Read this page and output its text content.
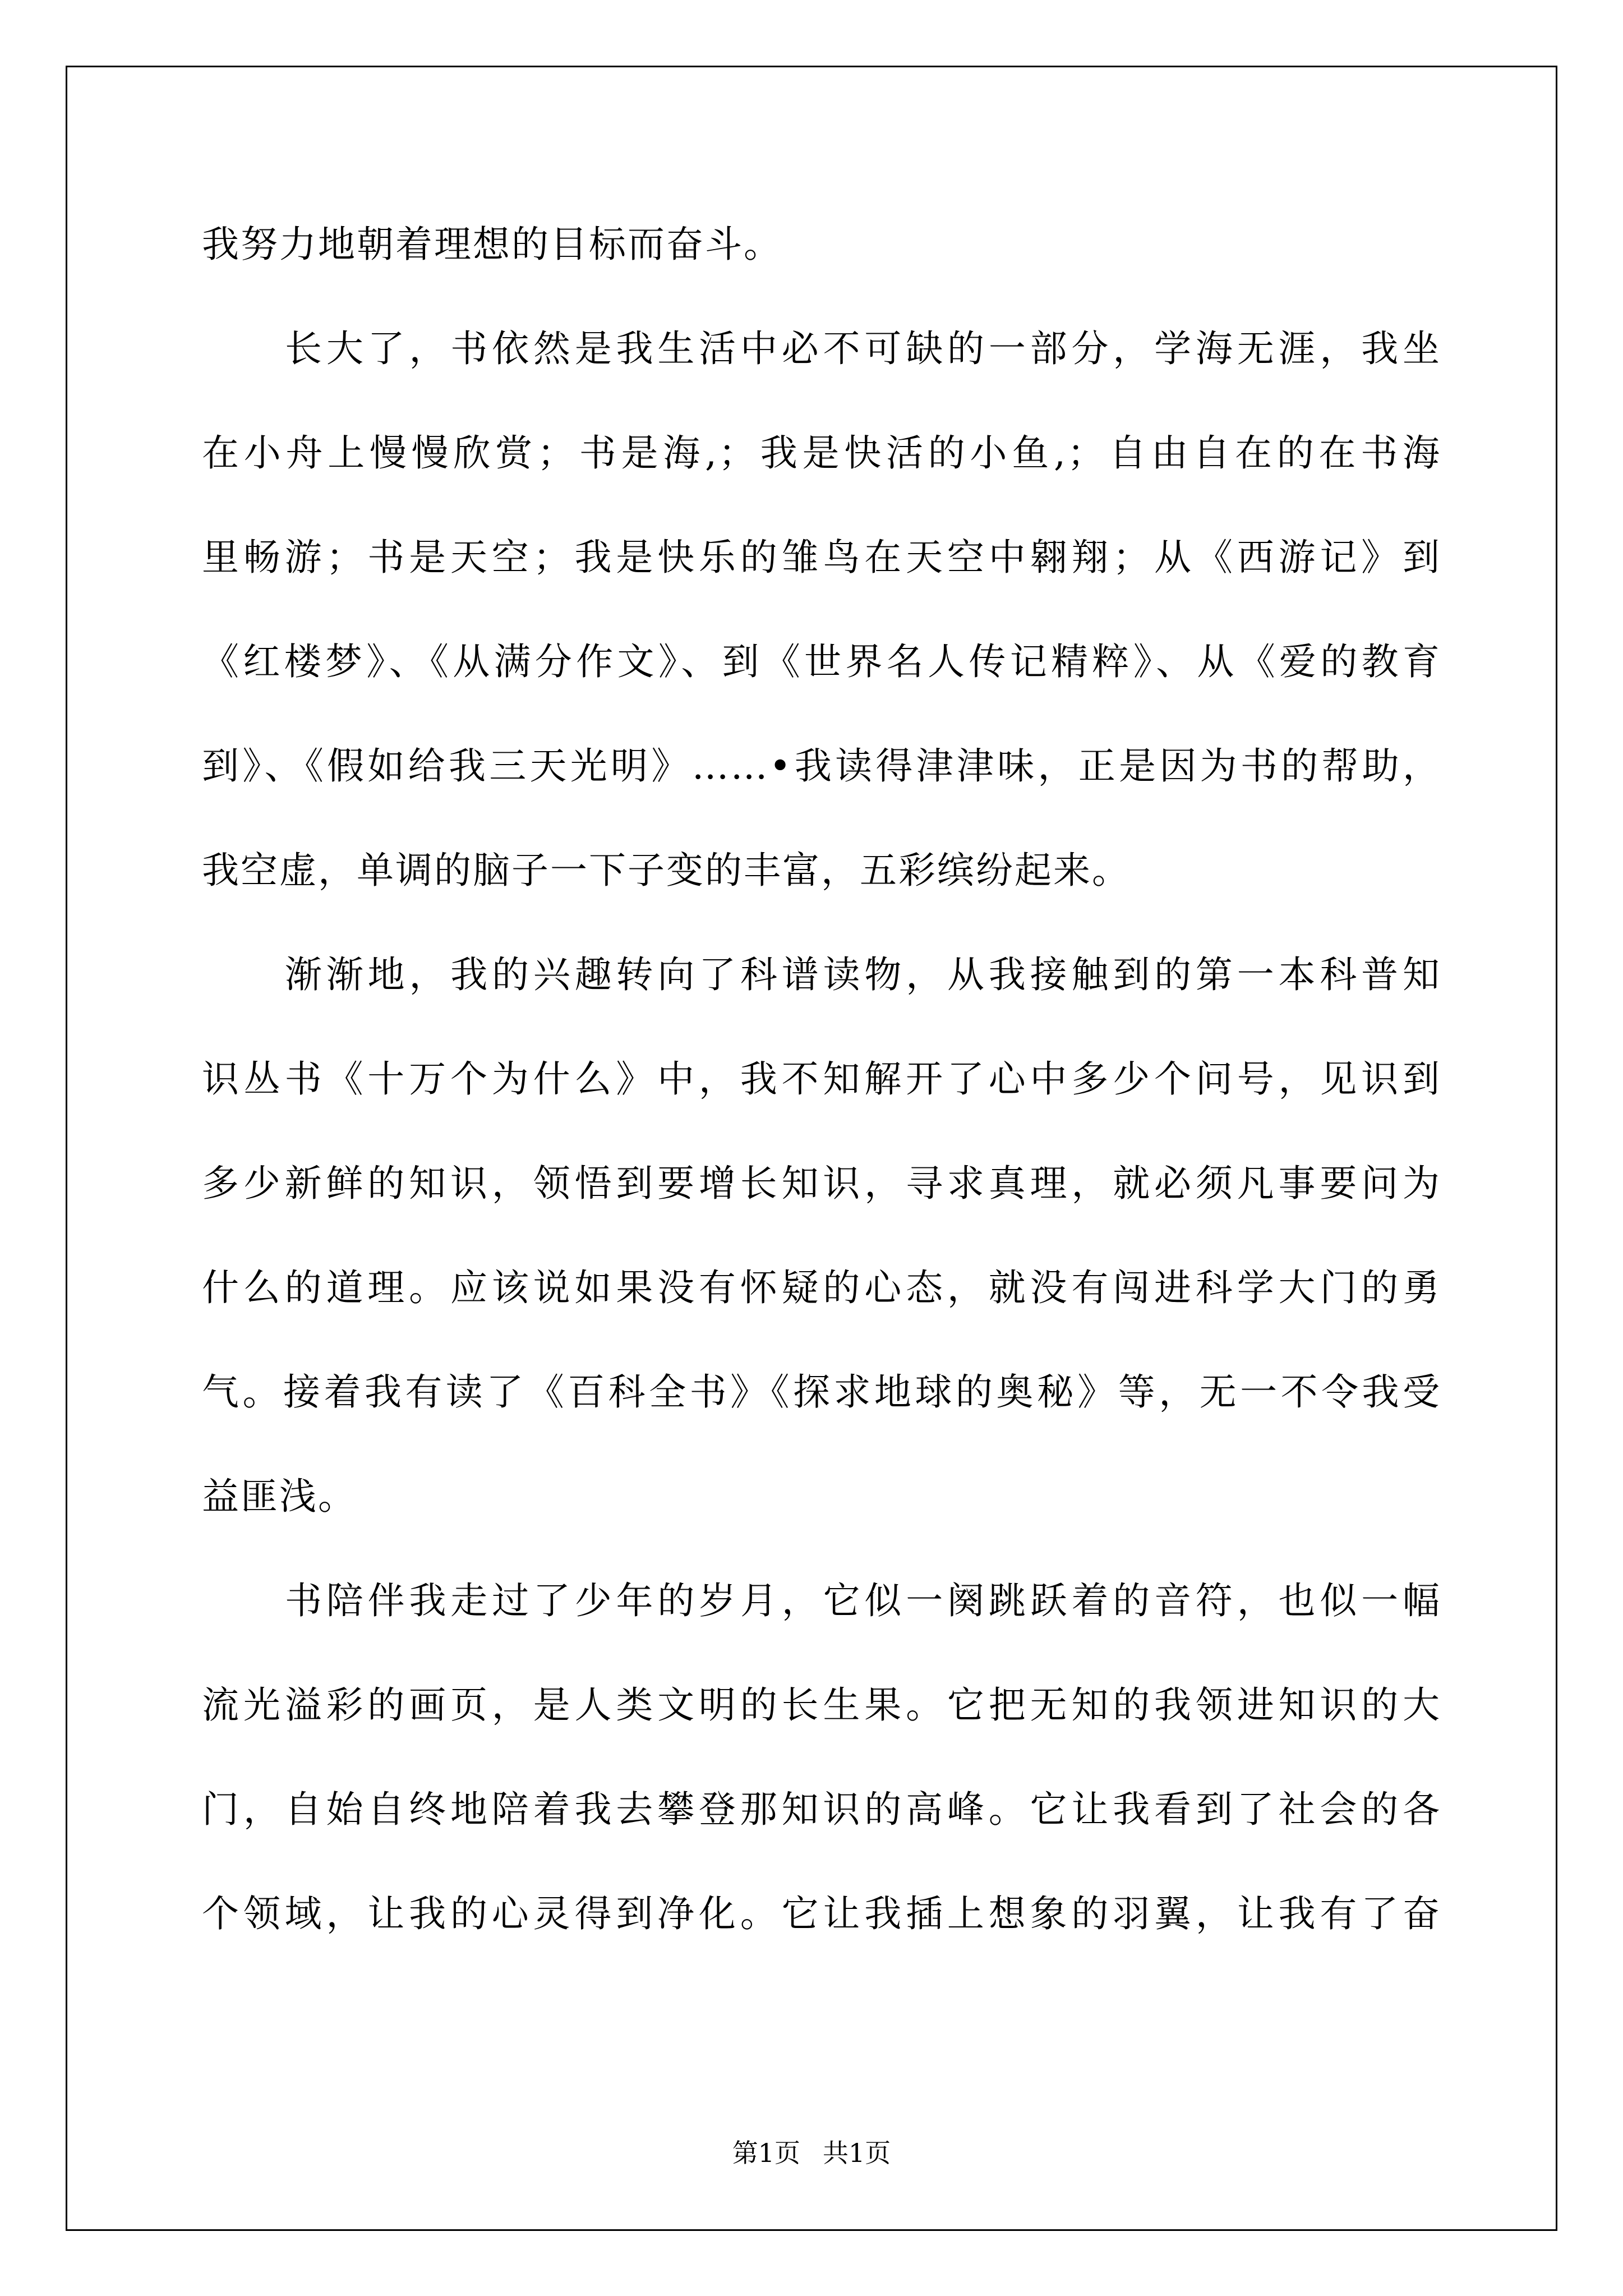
我努力地朝着理想的目标而奋斗。
长大了，书依然是我生活中必不可缺的一部分，学海无涯，我坐
在小舟上慢慢欣赏；书是海,；我是快活的小鱼,；自由自在的在书海
里畅游；书是天空；我是快乐的雏鸟在天空中翱翔；从《西游记》到
《红楼梦》、《从满分作文》、到《世界名人传记精粹》、从《爱的教育
到》、《假如给我三天光明》……•我读得津津味，正是因为书的帮助，
我空虚，单调的脑子一下子变的丰富，五彩缤纷起来。
渐渐地，我的兴趣转向了科谱读物，从我接触到的第一本科普知
识丛书《十万个为什么》中，我不知解开了心中多少个问号，见识到
多少新鲜的知识，领悟到要增长知识，寻求真理，就必须凡事要问为
什么的道理。应该说如果没有怀疑的心态，就没有闯进科学大门的勇
气。接着我有读了《百科全书》《探求地球的奥秘》等，无一不令我受
益匪浅。
书陪伴我走过了少年的岁月，它似一阕跳跃着的音符，也似一幅
流光溢彩的画页，是人类文明的长生果。它把无知的我领进知识的大
门，自始自终地陪着我去攀登那知识的高峰。它让我看到了社会的各
个领域，让我的心灵得到净化。它让我插上想象的羽翼，让我有了奋
第1页 共1页
